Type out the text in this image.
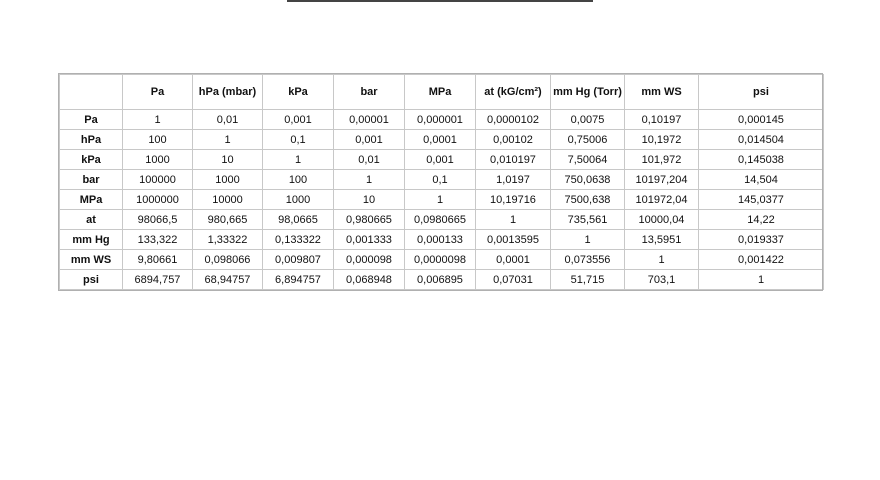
	Pa	hPa (mbar)	kPa	bar	MPa	at (kG/cm²)	mm Hg (Torr)	mm WS	psi
Pa	1	0,01	0,001	0,00001	0,000001	0,0000102	0,0075	0,10197	0,000145
hPa	100	1	0,1	0,001	0,0001	0,00102	0,75006	10,1972	0,014504
kPa	1000	10	1	0,01	0,001	0,010197	7,50064	101,972	0,145038
bar	100000	1000	100	1	0,1	1,0197	750,0638	10197,204	14,504
MPa	1000000	10000	1000	10	1	10,19716	7500,638	101972,04	145,0377
at	98066,5	980,665	98,0665	0,980665	0,0980665	1	735,561	10000,04	14,22
mm Hg	133,322	1,33322	0,133322	0,001333	0,000133	0,0013595	1	13,5951	0,019337
mm WS	9,80661	0,098066	0,009807	0,000098	0,0000098	0,0001	0,073556	1	0,001422
psi	6894,757	68,94757	6,894757	0,068948	0,006895	0,07031	51,715	703,1	1
